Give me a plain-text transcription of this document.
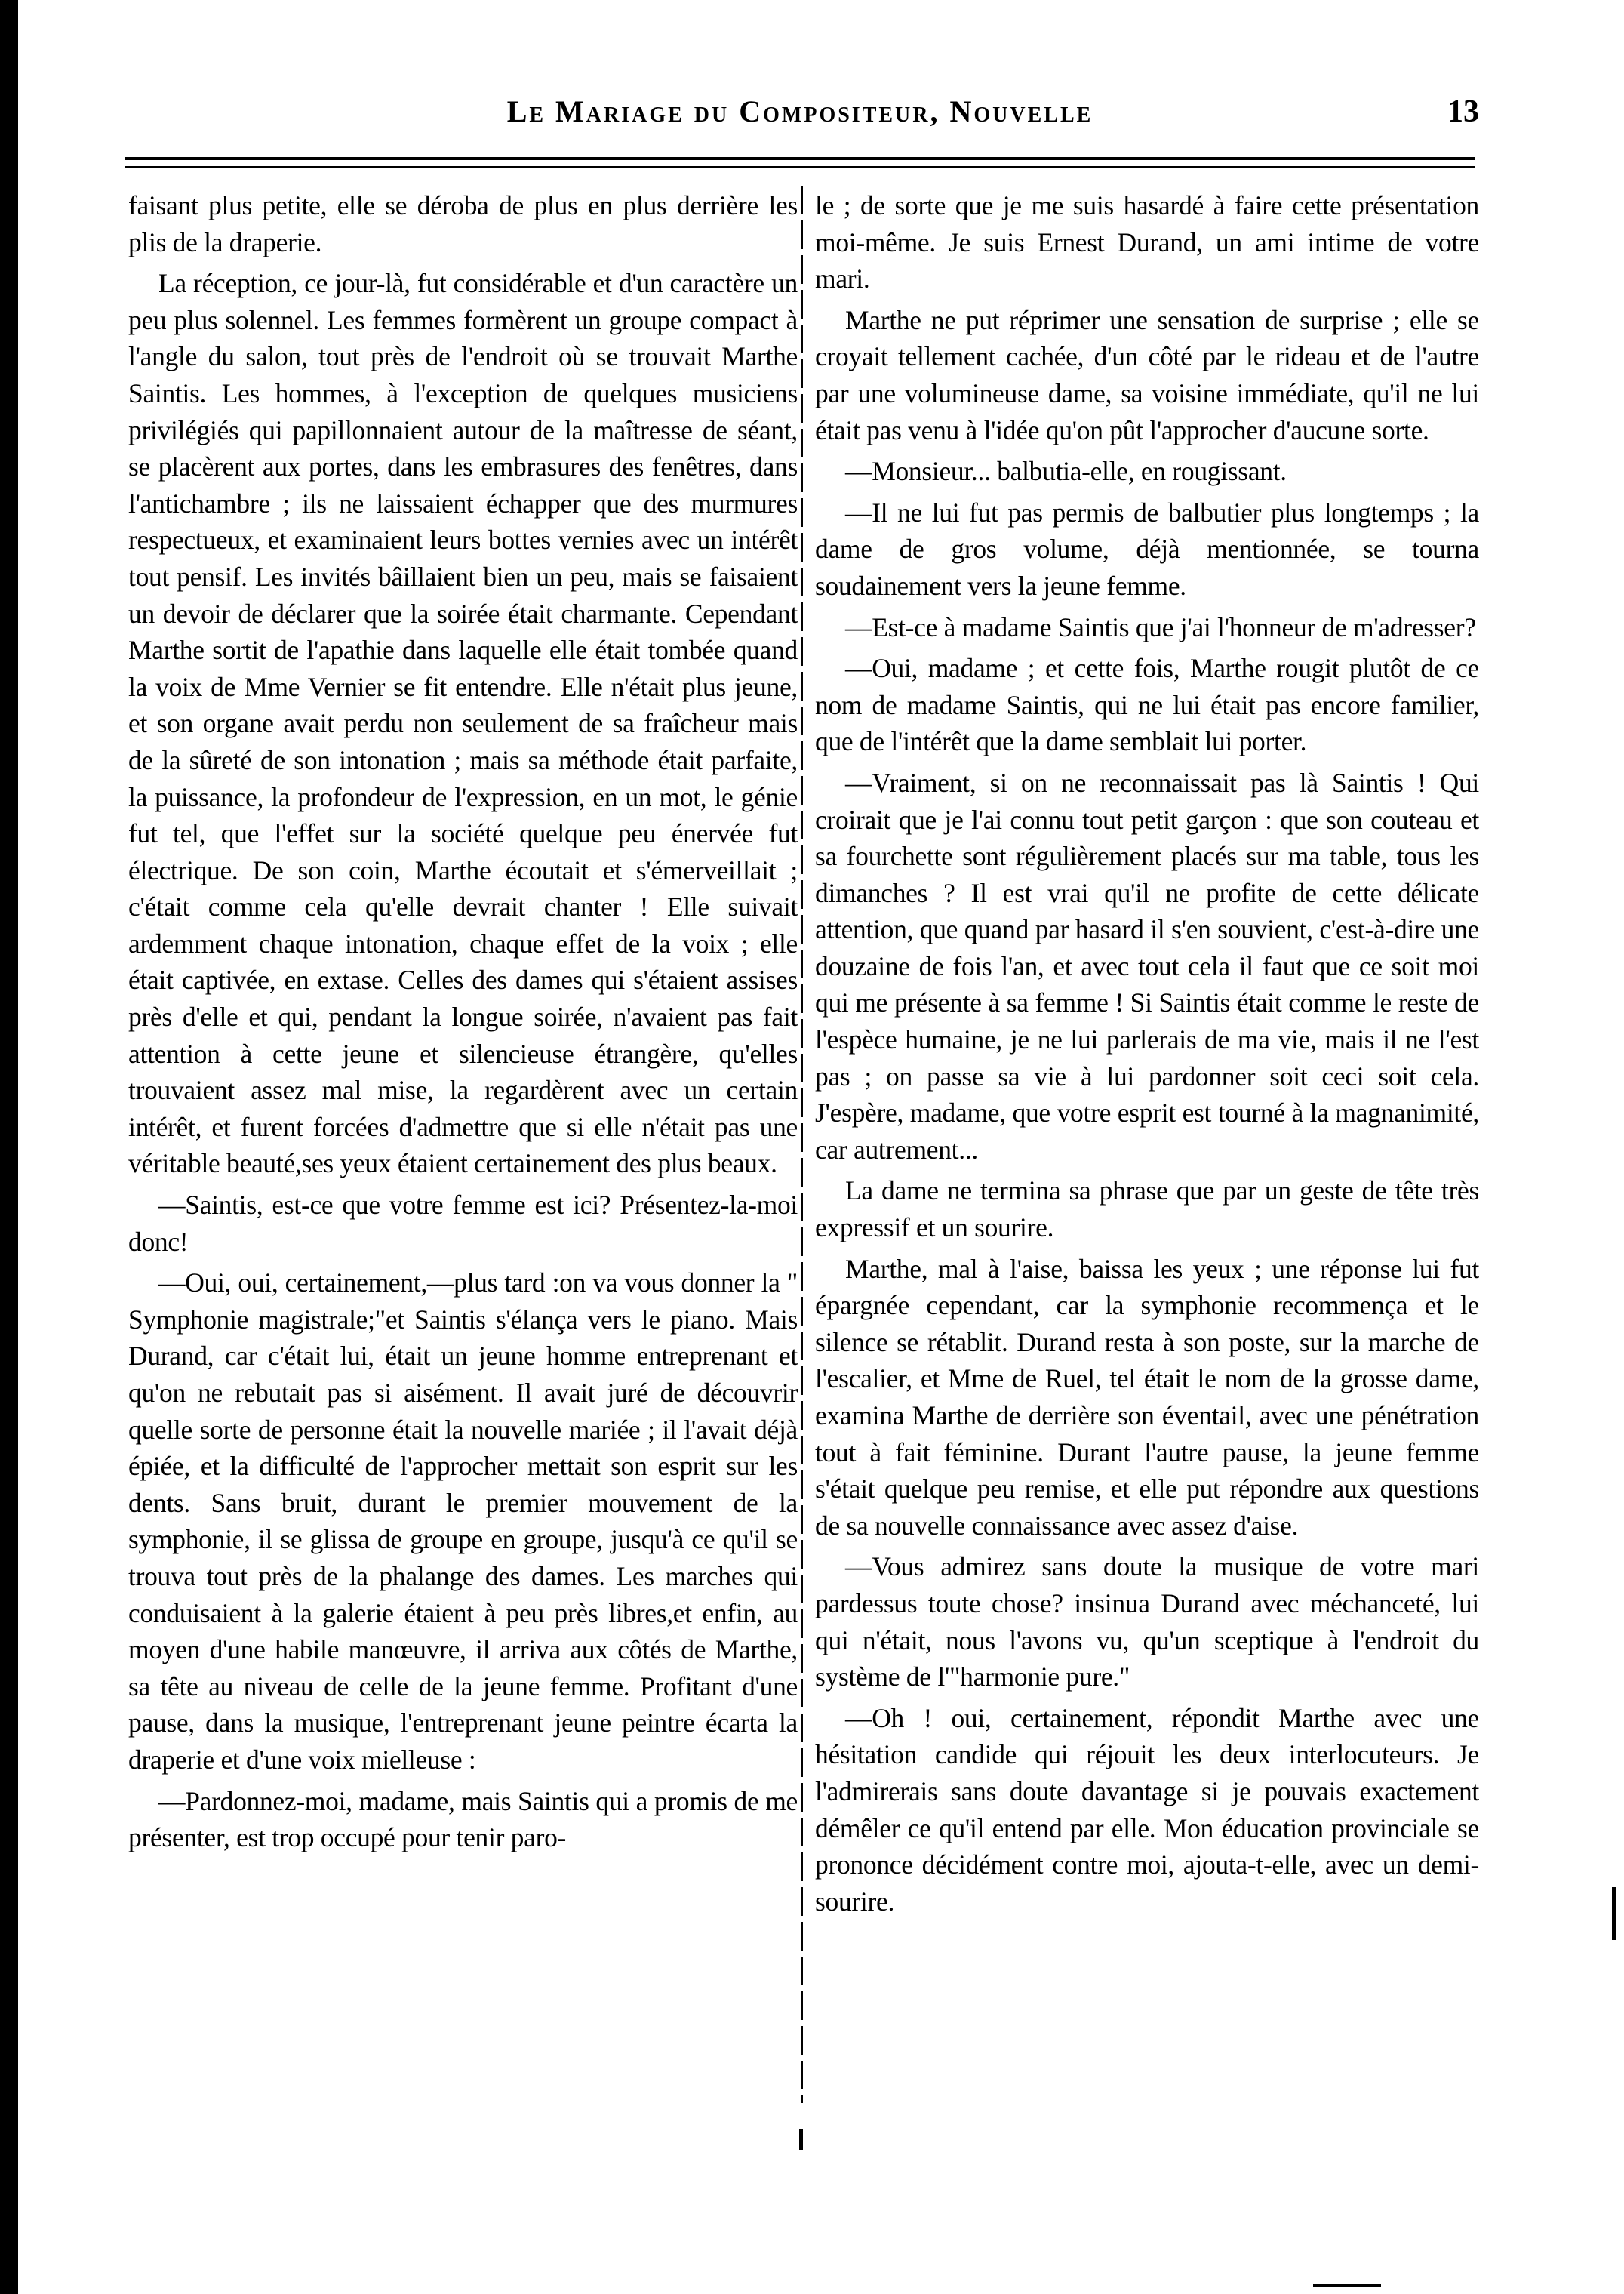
Le Mariage du Compositeur, Nouvelle	13

faisant plus petite, elle se déroba de plus en plus derrière les plis de la draperie.

La réception, ce jour-là, fut considérable et d'un caractère un peu plus solennel. Les femmes formèrent un groupe compact à l'angle du salon, tout près de l'endroit où se trouvait Marthe Saintis. Les hommes, à l'exception de quelques musiciens privilégiés qui papillonnaient autour de la maîtresse de séant, se placèrent aux portes, dans les embrasures des fenêtres, dans l'antichambre ; ils ne laissaient échapper que des murmures respectueux, et examinaient leurs bottes vernies avec un intérêt tout pensif. Les invités bâillaient bien un peu, mais se faisaient un devoir de déclarer que la soirée était charmante. Cependant Marthe sortit de l'apathie dans laquelle elle était tombée quand la voix de Mme Vernier se fit entendre. Elle n'était plus jeune, et son organe avait perdu non seulement de sa fraîcheur mais de la sûreté de son intonation ; mais sa méthode était parfaite, la puissance, la profondeur de l'expression, en un mot, le génie fut tel, que l'effet sur la société quelque peu énervée fut électrique. De son coin, Marthe écoutait et s'émerveillait ; c'était comme cela qu'elle devrait chanter ! Elle suivait ardemment chaque intonation, chaque effet de la voix ; elle était captivée, en extase. Celles des dames qui s'étaient assises près d'elle et qui, pendant la longue soirée, n'avaient pas fait attention à cette jeune et silencieuse étrangère, qu'elles trouvaient assez mal mise, la regardèrent avec un certain intérêt, et furent forcées d'admettre que si elle n'était pas une véritable beauté,ses yeux étaient certainement des plus beaux.

—Saintis, est-ce que votre femme est ici? Présentez-la-moi donc!

—Oui, oui, certainement,—plus tard :on va vous donner la " Symphonie magistrale;"et Saintis s'élança vers le piano. Mais Durand, car c'était lui, était un jeune homme entreprenant et qu'on ne rebutait pas si aisément. Il avait juré de découvrir quelle sorte de personne était la nouvelle mariée ; il l'avait déjà épiée, et la difficulté de l'approcher mettait son esprit sur les dents. Sans bruit, durant le premier mouvement de la symphonie, il se glissa de groupe en groupe, jusqu'à ce qu'il se trouva tout près de la phalange des dames. Les marches qui conduisaient à la galerie étaient à peu près libres,et enfin, au moyen d'une habile manœuvre, il arriva aux côtés de Marthe, sa tête au niveau de celle de la jeune femme. Profitant d'une pause, dans la musique, l'entreprenant jeune peintre écarta la draperie et d'une voix mielleuse :

—Pardonnez-moi, madame, mais Saintis qui a promis de me présenter, est trop occupé pour tenir paro-

le ; de sorte que je me suis hasardé à faire cette présentation moi-même. Je suis Ernest Durand, un ami intime de votre mari.

Marthe ne put réprimer une sensation de surprise ; elle se croyait tellement cachée, d'un côté par le rideau et de l'autre par une volumineuse dame, sa voisine immédiate, qu'il ne lui était pas venu à l'idée qu'on pût l'approcher d'aucune sorte.

—Monsieur... balbutia-elle, en rougissant.

—Il ne lui fut pas permis de balbutier plus longtemps ; la dame de gros volume, déjà mentionnée, se tourna soudainement vers la jeune femme.

—Est-ce à madame Saintis que j'ai l'honneur de m'adresser?

—Oui, madame ; et cette fois, Marthe rougit plutôt de ce nom de madame Saintis, qui ne lui était pas encore familier, que de l'intérêt que la dame semblait lui porter.

—Vraiment, si on ne reconnaissait pas là Saintis ! Qui croirait que je l'ai connu tout petit garçon : que son couteau et sa fourchette sont régulièrement placés sur ma table, tous les dimanches ? Il est vrai qu'il ne profite de cette délicate attention, que quand par hasard il s'en souvient, c'est-à-dire une douzaine de fois l'an, et avec tout cela il faut que ce soit moi qui me présente à sa femme ! Si Saintis était comme le reste de l'espèce humaine, je ne lui parlerais de ma vie, mais il ne l'est pas ; on passe sa vie à lui pardonner soit ceci soit cela. J'espère, madame, que votre esprit est tourné à la magnanimité, car autrement...

La dame ne termina sa phrase que par un geste de tête très expressif et un sourire.

Marthe, mal à l'aise, baissa les yeux ; une réponse lui fut épargnée cependant, car la symphonie recommença et le silence se rétablit. Durand resta à son poste, sur la marche de l'escalier, et Mme de Ruel, tel était le nom de la grosse dame, examina Marthe de derrière son éventail, avec une pénétration tout à fait féminine. Durant l'autre pause, la jeune femme s'était quelque peu remise, et elle put répondre aux questions de sa nouvelle connaissance avec assez d'aise.

—Vous admirez sans doute la musique de votre mari pardessus toute chose? insinua Durand avec méchanceté, lui qui n'était, nous l'avons vu, qu'un sceptique à l'endroit du système de l'"harmonie pure."

—Oh ! oui, certainement, répondit Marthe avec une hésitation candide qui réjouit les deux interlocuteurs. Je l'admirerais sans doute davantage si je pouvais exactement démêler ce qu'il entend par elle. Mon éducation provinciale se prononce décidément contre moi, ajouta-t-elle, avec un demi-sourire.
